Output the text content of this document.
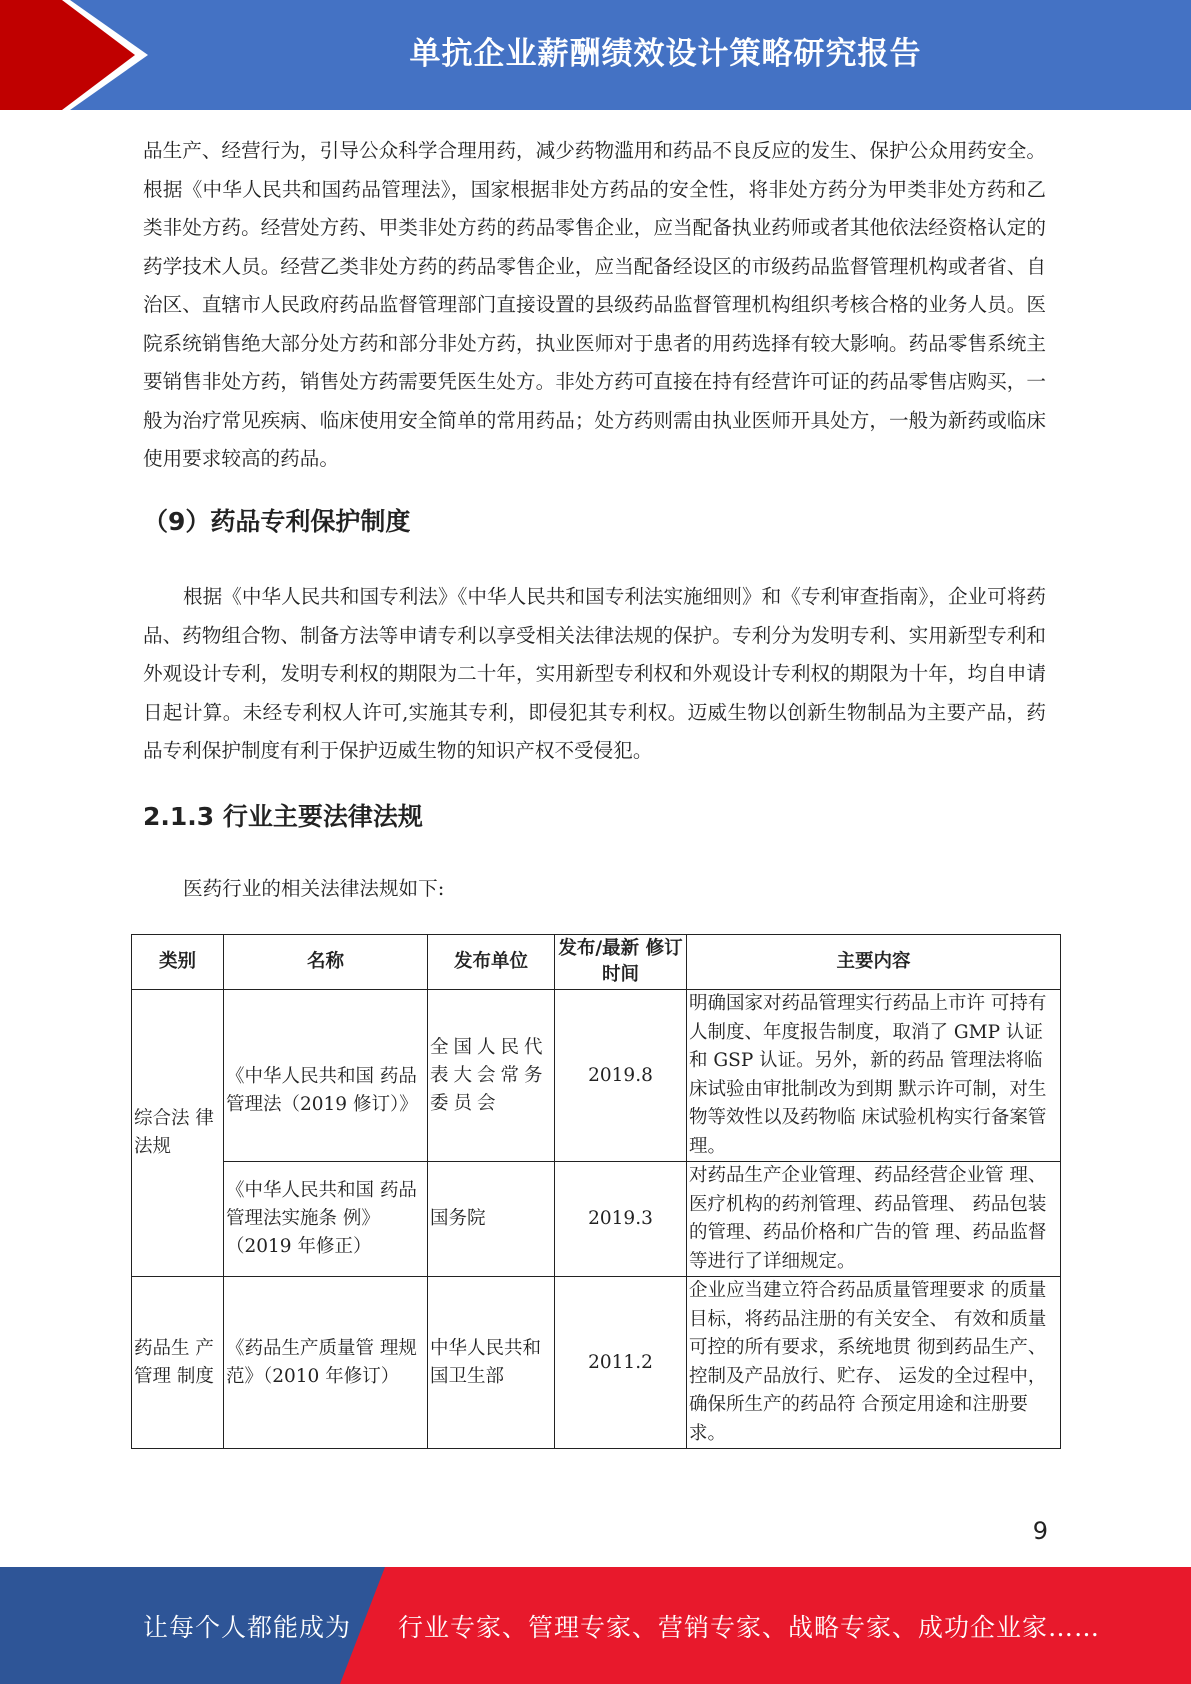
单抗企业薪酬绩效设计策略研究报告

品生产、经营行为，引导公众科学合理用药，减少药物滥用和药品不良反应的发生、保护公众用药安全。根据《中华人民共和国药品管理法》，国家根据非处方药品的安全性，将非处方药分为甲类非处方药和乙类非处方药。经营处方药、甲类非处方药的药品零售企业，应当配备执业药师或者其他依法经资格认定的药学技术人员。经营乙类非处方药的药品零售企业，应当配备经设区的市级药品监督管理机构或者省、自治区、直辖市人民政府药品监督管理部门直接设置的县级药品监督管理机构组织考核合格的业务人员。医院系统销售绝大部分处方药和部分非处方药，执业医师对于患者的用药选择有较大影响。药品零售系统主要销售非处方药，销售处方药需要凭医生处方。非处方药可直接在持有经营许可证的药品零售店购买，一般为治疗常见疾病、临床使用安全简单的常用药品；处方药则需由执业医师开具处方，一般为新药或临床使用要求较高的药品。

（9）药品专利保护制度

根据《中华人民共和国专利法》《中华人民共和国专利法实施细则》和《专利审查指南》，企业可将药品、药物组合物、制备方法等申请专利以享受相关法律法规的保护。专利分为发明专利、实用新型专利和外观设计专利，发明专利权的期限为二十年，实用新型专利权和外观设计专利权的期限为十年，均自申请日起计算。未经专利权人许可,实施其专利，即侵犯其专利权。迈威生物以创新生物制品为主要产品，药品专利保护制度有利于保护迈威生物的知识产权不受侵犯。

2.1.3 行业主要法律法规

医药行业的相关法律法规如下:

类别	名称	发布单位	发布/最新 修订时间	主要内容
综合法 律法规	《中华人民共和国 药品管理法（2019 修订）》	全国人民代表大会常务委员会	2019.8	明确国家对药品管理实行药品上市许 可持有人制度、年度报告制度，取消了 GMP 认证和 GSP 认证。另外，新的药品 管理法将临床试验由审批制改为到期 默示许可制，对生物等效性以及药物临 床试验机构实行备案管理。
	《中华人民共和国 药品管理法实施条 例》（2019 年修正）	国务院	2019.3	对药品生产企业管理、药品经营企业管 理、医疗机构的药剂管理、药品管理、 药品包装的管理、药品价格和广告的管 理、药品监督等进行了详细规定。
药品生 产管理 制度	《药品生产质量管 理规范》（2010 年修订）	中华人民共和国卫生部	2011.2	企业应当建立符合药品质量管理要求 的质量目标，将药品注册的有关安全、 有效和质量可控的所有要求，系统地贯 彻到药品生产、控制及产品放行、贮存、 运发的全过程中，确保所生产的药品符 合预定用途和注册要求。
9
让每个人都能成为 行业专家、管理专家、营销专家、战略专家、成功企业家……
